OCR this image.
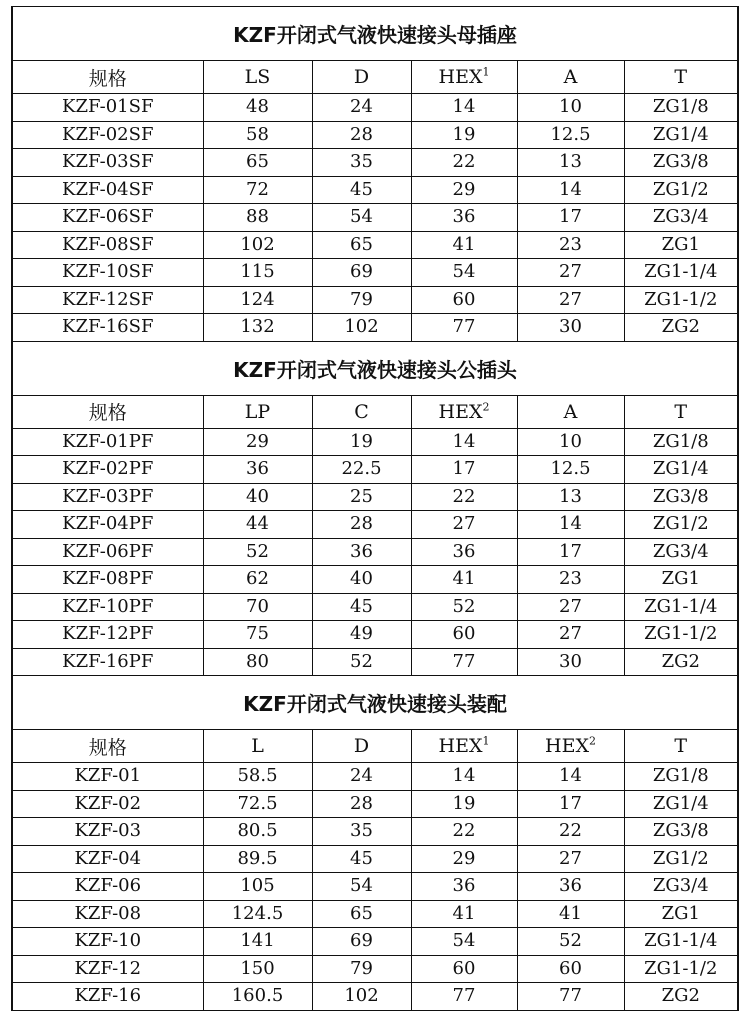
KZF开闭式气液快速接头母插座					
规格	LS	D	HEX$^1$	A	T
KZF-01SF	48	24	14	10	ZG1/8
KZF-02SF	58	28	19	12.5	ZG1/4
KZF-03SF	65	35	22	13	ZG3/8
KZF-04SF	72	45	29	14	ZG1/2
KZF-06SF	88	54	36	17	ZG3/4
KZF-08SF	102	65	41	23	ZG1
KZF-10SF	115	69	54	27	ZG1-1/4
KZF-12SF	124	79	60	27	ZG1-1/2
KZF-16SF	132	102	77	30	ZG2
KZF开闭式气液快速接头公插头					
规格	LP	C	HEX$^2$	A	T
KZF-01PF	29	19	14	10	ZG1/8
KZF-02PF	36	22.5	17	12.5	ZG1/4
KZF-03PF	40	25	22	13	ZG3/8
KZF-04PF	44	28	27	14	ZG1/2
KZF-06PF	52	36	36	17	ZG3/4
KZF-08PF	62	40	41	23	ZG1
KZF-10PF	70	45	52	27	ZG1-1/4
KZF-12PF	75	49	60	27	ZG1-1/2
KZF-16PF	80	52	77	30	ZG2
KZF开闭式气液快速接头装配					
规格	L	D	HEX$^1$	HEX$^2$	T
KZF-01	58.5	24	14	14	ZG1/8
KZF-02	72.5	28	19	17	ZG1/4
KZF-03	80.5	35	22	22	ZG3/8
KZF-04	89.5	45	29	27	ZG1/2
KZF-06	105	54	36	36	ZG3/4
KZF-08	124.5	65	41	41	ZG1
KZF-10	141	69	54	52	ZG1-1/4
KZF-12	150	79	60	60	ZG1-1/2
KZF-16	160.5	102	77	77	ZG2
